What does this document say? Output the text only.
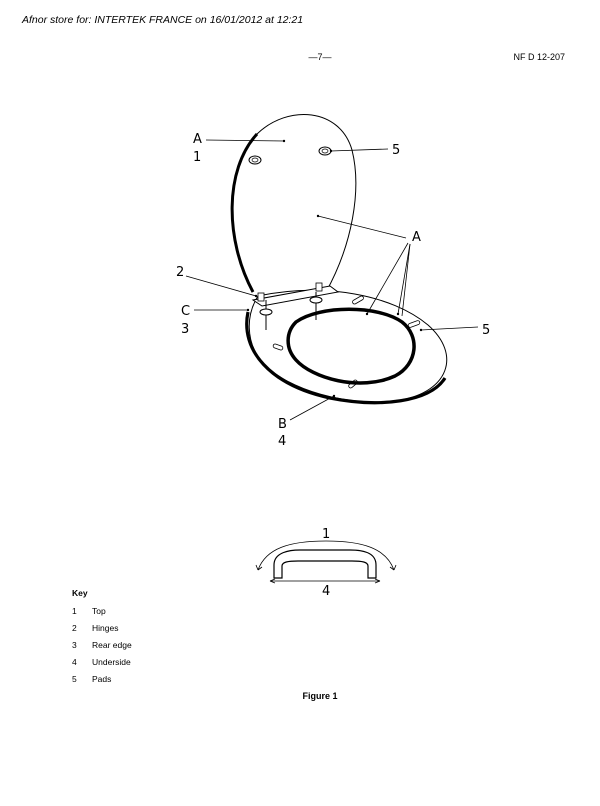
Afnor store for: INTERTEK FRANCE on 16/01/2012 at 12:21
—7—	NF D 12-207
A
1	5
A
2
C
3	5
B
4
1
4
Key
1	Top
2	Hinges
3	Rear edge
4	Underside
5	Pads
Figure 1
